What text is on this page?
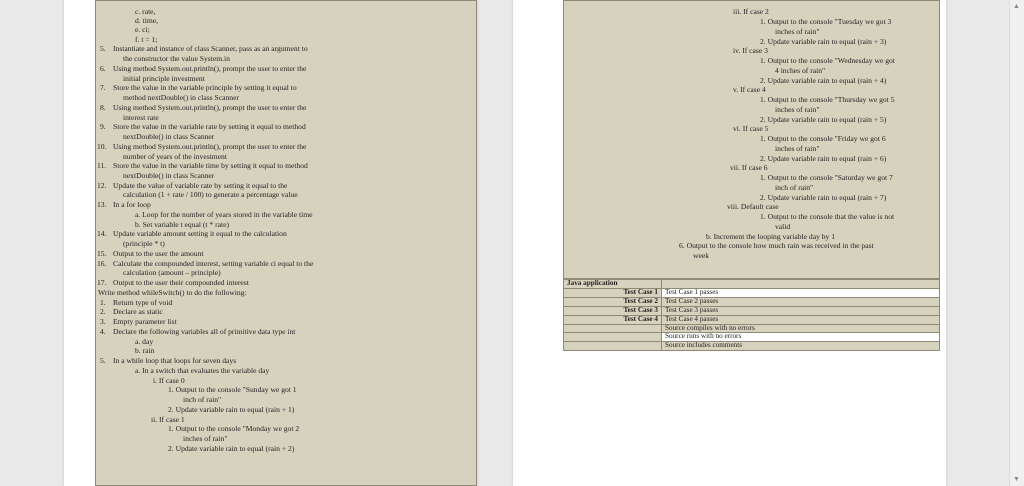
Java application	
Test Case 1	Test Case 1 passes
Test Case 2	Test Case 2 passes
Test Case 3	Test Case 3 passes
Test Case 4	Test Case 4 passes
	Source compiles with no errors
	Source runs with no errors
	Source includes comments
c. rate,
d. time,
e. ci;
f. t = 1;
5. Instantiate and instance of class Scanner, pass as an argument to
the constructor the value System.in
6. Using method System.out.println(), prompt the user to enter the
initial principle investment
7. Store the value in the variable principle by setting it equal to
method nextDouble() in class Scanner
8. Using method System.out.println(), prompt the user to enter the
interest rate
9. Store the value in the variable rate by setting it equal to method
nextDouble() in class Scanner
10. Using method System.out.println(), prompt the user to enter the
number of years of the investment
11. Store the value in the variable time by setting it equal to method
nextDouble() in class Scanner
12. Update the value of variable rate by setting it equal to the
calculation (1 + rate / 100) to generate a percentage value
13. In a for loop
a. Loop for the number of years stored in the variable time
b. Set variable t equal (t * rate)
14. Update variable amount setting it equal to the calculation
(principle * t)
15. Output to the user the amount
16. Calculate the compounded interest, setting variable ci equal to the
calculation (amount – principle)
17. Output to the user their compounded interest
Write method whileSwitch() to do the following:
1. Return type of void
2. Declare as static
3. Empty parameter list
4. Declare the following variables all of primitive data type int
a. day
b. rain
5. In a while loop that loops for seven days
a. In a switch that evaluates the variable day
i. If case 0
1. Output to the console "Sunday we got 1
inch of rain"
2. Update variable rain to equal (rain + 1)
ii. If case 1
1. Output to the console "Monday we got 2
inches of rain"
2. Update variable rain to equal (rain + 2)
iii. If case 2
1. Output to the console "Tuesday we got 3
inches of rain"
2. Update variable rain to equal (rain + 3)
iv. If case 3
1. Output to the console "Wednesday we got
4 inches of rain"
2. Update variable rain to equal (rain + 4)
v. If case 4
1. Output to the console "Thursday we got 5
inches of rain"
2. Update variable rain to equal (rain + 5)
vi. If case 5
1. Output to the console "Friday we got 6
inches of rain"
2. Update variable rain to equal (rain + 6)
vii. If case 6
1. Output to the console "Saturday we got 7
inch of rain"
2. Update variable rain to equal (rain + 7)
viii. Default case
1. Output to the console that the value is not
valid
b. Increment the looping variable day by 1
6. Output to the console how much rain was received in the past
week
▲
▼
